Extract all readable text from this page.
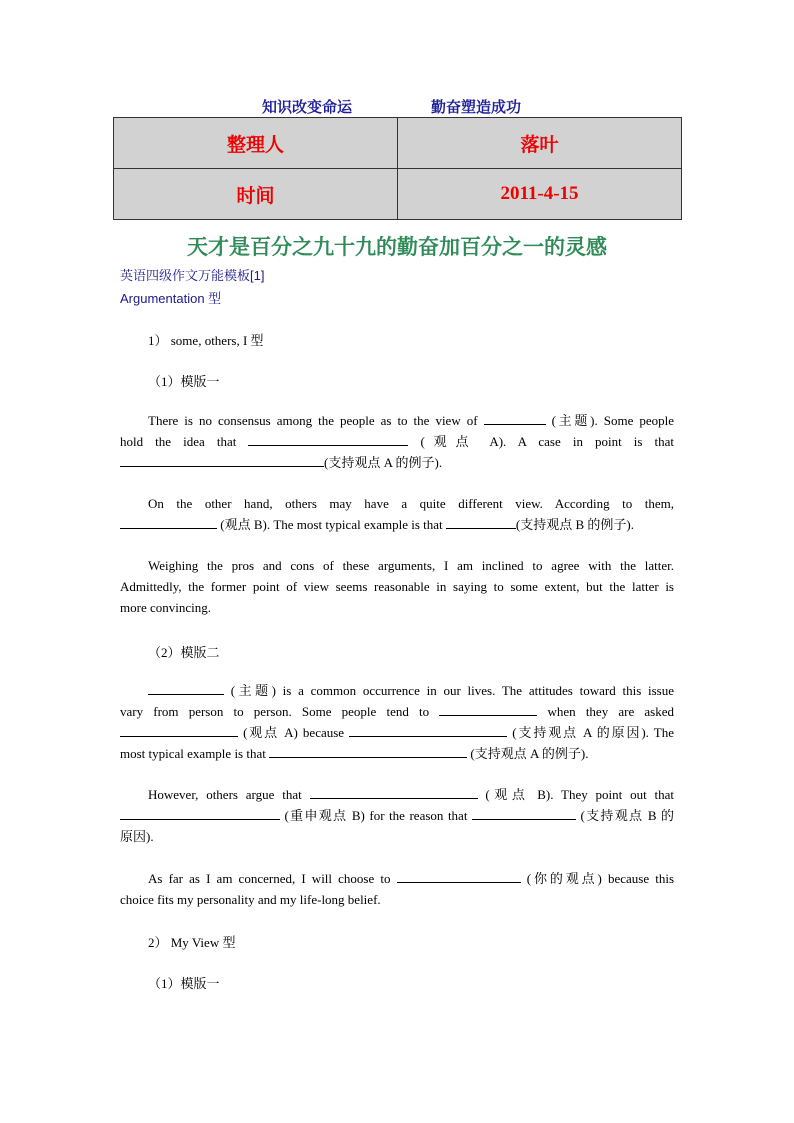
知识改变命运	勤奋塑造成功
整理人	落叶
时间	2011-4-15
天才是百分之九十九的勤奋加百分之一的灵感
英语四级作文万能模板[1]
Argumentation 型
1） some, others, I 型
（1）模版一
There is no consensus among the people as to the view of	(主题). Some people
hold the idea that	(观点 A). A case in point is that
(支持观点 A 的例子).
On the other hand, others may have a quite different view. According to them,
(观点 B). The most typical example is that	(支持观点 B 的例子).
Weighing the pros and cons of these arguments, I am inclined to agree with the latter.
Admittedly, the former point of view seems reasonable in saying to some extent, but the latter is
more convincing.
（2）模版二
(主题) is a common occurrence in our lives. The attitudes toward this issue
vary from person to person. Some people tend to	when they are asked
(观点 A) because	(支持观点 A 的原因). The
most typical example is that	(支持观点 A 的例子).
However, others argue that	(观点 B). They point out that
(重申观点 B) for the reason that	(支持观点 B 的
原因).
As far as I am concerned, I will choose to	(你的观点) because this
choice fits my personality and my life-long belief.
2） My View 型
（1）模版一
